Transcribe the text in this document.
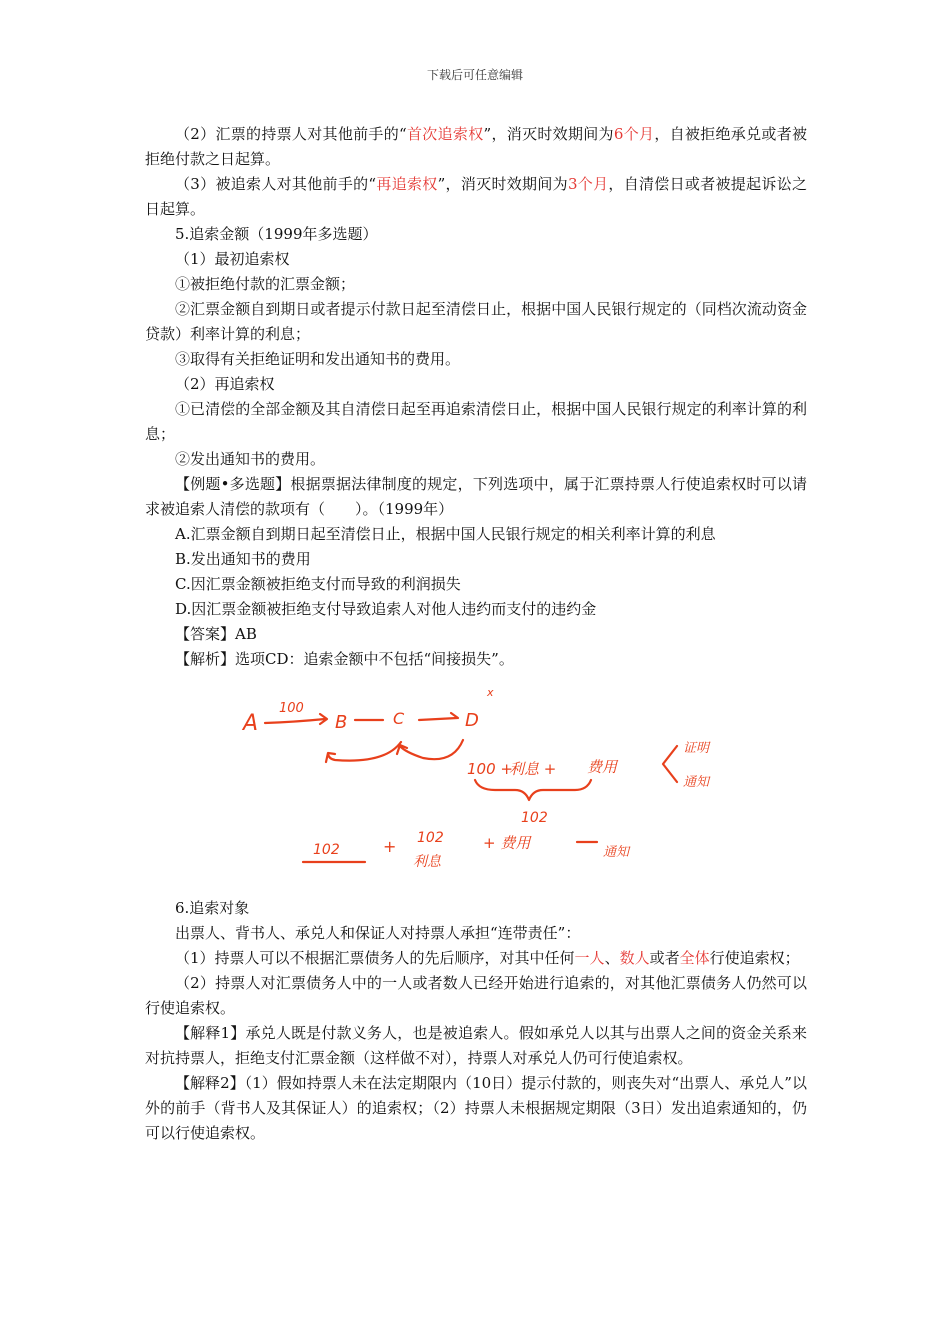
下载后可任意编辑

（2）汇票的持票人对其他前手的“首次追索权”，消灭时效期间为6个月，自被拒绝承兑或者被拒绝付款之日起算。

（3）被追索人对其他前手的“再追索权”，消灭时效期间为3个月，自清偿日或者被提起诉讼之日起算。

5.追索金额（1999年多选题）

（1）最初追索权

①被拒绝付款的汇票金额；

②汇票金额自到期日或者提示付款日起至清偿日止，根据中国人民银行规定的（同档次流动资金贷款）利率计算的利息；

③取得有关拒绝证明和发出通知书的费用。

（2）再追索权

①已清偿的全部金额及其自清偿日起至再追索清偿日止，根据中国人民银行规定的利率计算的利息；

②发出通知书的费用。

【例题•多选题】根据票据法律制度的规定，下列选项中，属于汇票持票人行使追索权时可以请求被追索人清偿的款项有（　　）。（1999年）

A.汇票金额自到期日起至清偿日止，根据中国人民银行规定的相关利率计算的利息

B.发出通知书的费用

C.因汇票金额被拒绝支付而导致的利润损失

D.因汇票金额被拒绝支付导致追索人对他人违约而支付的违约金

【答案】AB

【解析】选项CD：追索金额中不包括“间接损失”。

A
100
B	C	D
x
100 +
利息 + 费用
证明
通知
102
102	+ 102
利息
+ 费用
通知

6.追索对象

出票人、背书人、承兑人和保证人对持票人承担“连带责任”：

（1）持票人可以不根据汇票债务人的先后顺序，对其中任何一人、数人或者全体行使追索权；

（2）持票人对汇票债务人中的一人或者数人已经开始进行追索的，对其他汇票债务人仍然可以行使追索权。

【解释1】承兑人既是付款义务人，也是被追索人。假如承兑人以其与出票人之间的资金关系来对抗持票人，拒绝支付汇票金额（这样做不对），持票人对承兑人仍可行使追索权。

【解释2】（1）假如持票人未在法定期限内（10日）提示付款的，则丧失对“出票人、承兑人”以外的前手（背书人及其保证人）的追索权；（2）持票人未根据规定期限（3日）发出追索通知的，仍可以行使追索权。
